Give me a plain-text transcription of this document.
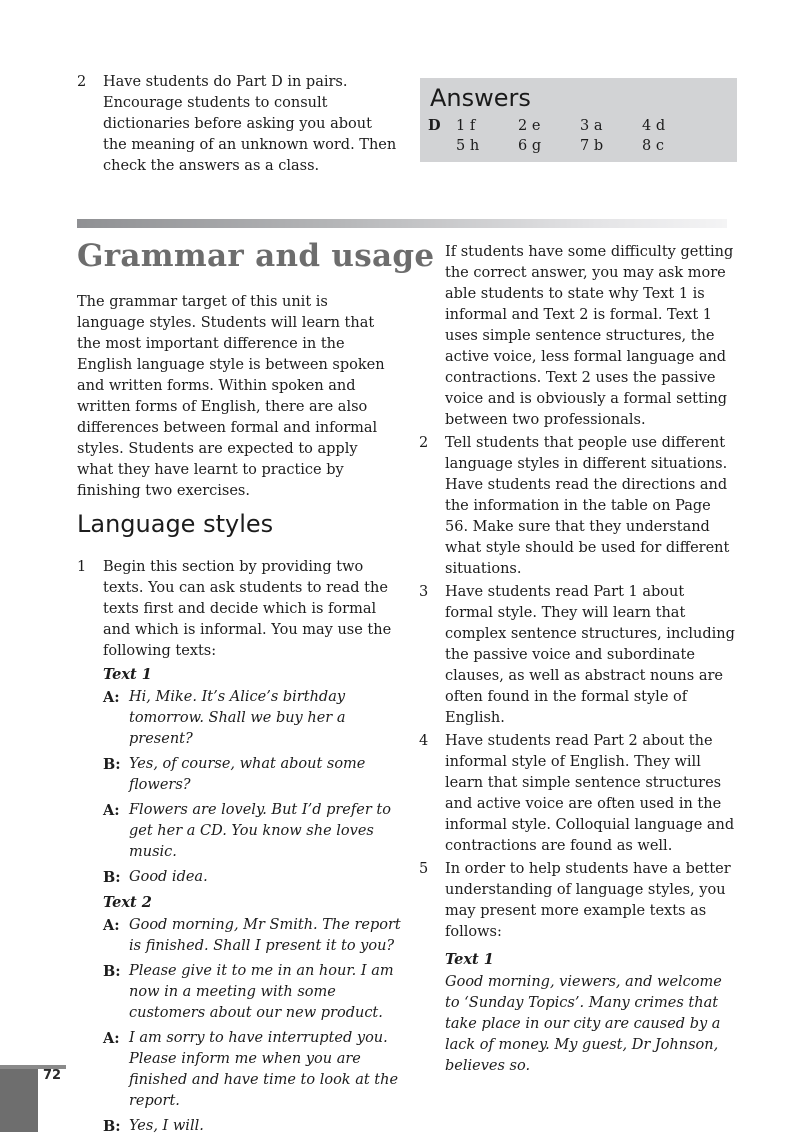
2 Have students do Part D in pairs. Encourage students to consult dictionaries before asking you about the meaning of an unknown word. Then check the answers as a class.
Answers
D	1 f	2 e	3 a	4 d
5 h	6 g	7 b	8 c
Grammar and usage
The grammar target of this unit is language styles. Students will learn that the most important difference in the English language style is between spoken and written forms. Within spoken and written forms of English, there are also differences between formal and informal styles. Students are expected to apply what they have learnt to practice by finishing two exercises.
Language styles
1 Begin this section by providing two texts. You can ask students to read the texts first and decide which is formal and which is informal. You may use the following texts:
Text 1
A: Hi, Mike. It’s Alice’s birthday tomorrow. Shall we buy her a present?
B: Yes, of course, what about some flowers?
A: Flowers are lovely. But I’d prefer to get her a CD. You know she loves music.
B: Good idea.
Text 2
A: Good morning, Mr Smith. The report is finished. Shall I present it to you?
B: Please give it to me in an hour. I am now in a meeting with some customers about our new product.
A: I am sorry to have interrupted you. Please inform me when you are finished and have time to look at the report.
B: Yes, I will.
If students have some difficulty getting the correct answer, you may ask more able students to state why Text 1 is informal and Text 2 is formal. Text 1 uses simple sentence structures, the active voice, less formal language and contractions. Text 2 uses the passive voice and is obviously a formal setting between two professionals.
2 Tell students that people use different language styles in different situations. Have students read the directions and the information in the table on Page 56. Make sure that they understand what style should be used for different situations.
3 Have students read Part 1 about formal style. They will learn that complex sentence structures, including the passive voice and subordinate clauses, as well as abstract nouns are often found in the formal style of English.
4 Have students read Part 2 about the informal style of English. They will learn that simple sentence structures and active voice are often used in the informal style. Colloquial language and contractions are found as well.
5 In order to help students have a better understanding of language styles, you may present more example texts as follows:
Text 1
Good morning, viewers, and welcome to ‘Sunday Topics’. Many crimes that take place in our city are caused by a lack of money. My guest, Dr Johnson, believes so.
72
